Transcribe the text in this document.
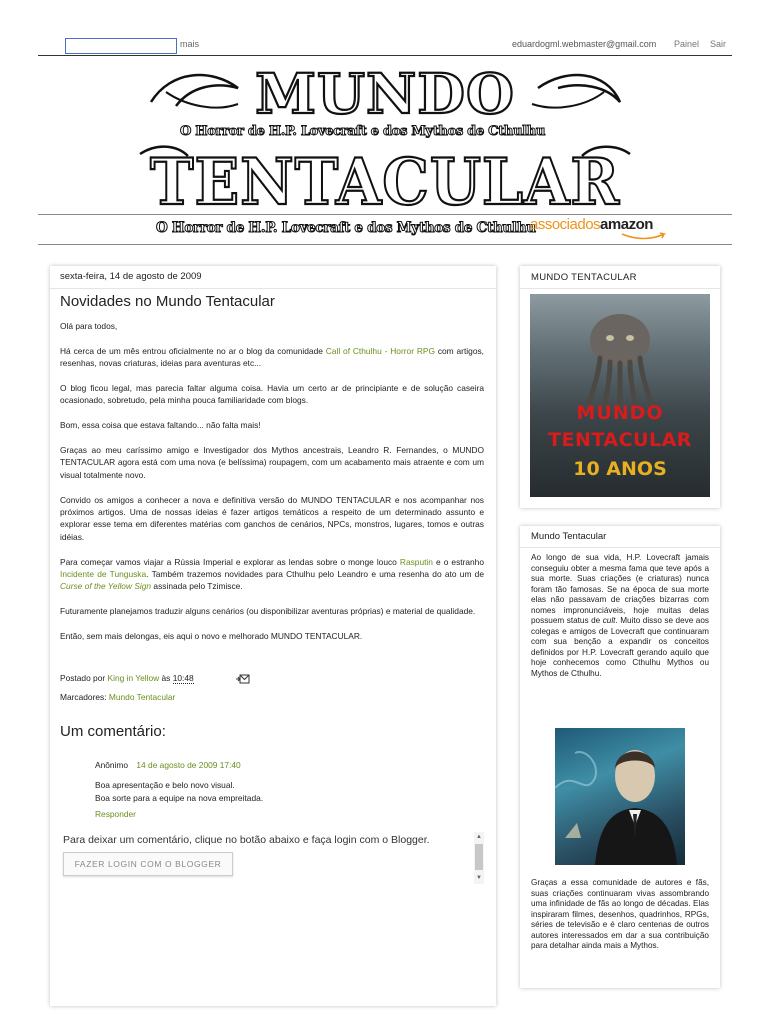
mais	eduardogml.webmaster@gmail.com Painel Sair
MUNDO
O Horror de H.P. Lovecraft e dos Mythos de Cthulhu
TENTACULAR
O Horror de H.P. Lovecraft e dos Mythos de Cthulhu
associadosamazon
sexta-feira, 14 de agosto de 2009
Novidades no Mundo Tentacular

Olá para todos,

Há cerca de um mês entrou oficialmente no ar o blog da comunidade Call of Cthulhu - Horror RPG com artigos, resenhas, novas criaturas, ideias para aventuras etc...

O blog ficou legal, mas parecia faltar alguma coisa. Havia um certo ar de principiante e de solução caseira ocasionado, sobretudo, pela minha pouca familiaridade com blogs.

Bom, essa coisa que estava faltando... não falta mais!

Graças ao meu caríssimo amigo e Investigador dos Mythos ancestrais, Leandro R. Fernandes, o MUNDO TENTACULAR agora está com uma nova (e belíssima) roupagem, com um acabamento mais atraente e com um visual totalmente novo.

Convido os amigos a conhecer a nova e definitiva versão do MUNDO TENTACULAR e nos acompanhar nos próximos artigos. Uma de nossas ideias é fazer artigos temáticos a respeito de um determinado assunto e explorar esse tema em diferentes matérias com ganchos de cenários, NPCs, monstros, lugares, tomos e outras idéias.

Para começar vamos viajar a Rússia Imperial e explorar as lendas sobre o monge louco Rasputin e o estranho Incidente de Tunguska. Também trazemos novidades para Cthulhu pelo Leandro e uma resenha do ato um de Curse of the Yellow Sign assinada pelo Tzimisce.

Futuramente planejamos traduzir alguns cenários (ou disponibilizar aventuras próprias) e material de qualidade.

Então, sem mais delongas, eis aqui o novo e melhorado MUNDO TENTACULAR.

Postado por King in Yellow às 10:48
Marcadores: Mundo Tentacular
Um comentário:
Anônimo 14 de agosto de 2009 17:40
Boa apresentação e belo novo visual.
Boa sorte para a equipe na nova empreitada.
Responder
Para deixar um comentário, clique no botão abaixo e faça login com o Blogger.
FAZER LOGIN COM O BLOGGER
▲
▼
MUNDO TENTACULAR
MUNDO
TENTACULAR
10 ANOS
Mundo Tentacular
Ao longo de sua vida, H.P. Lovecraft jamais conseguiu obter a mesma fama que teve após a sua morte. Suas criações (e criaturas) nunca foram tão famosas. Se na época de sua morte elas não passavam de criações bizarras com nomes impronunciáveis, hoje muitas delas possuem status de cult. Muito disso se deve aos colegas e amigos de Lovecraft que continuaram com sua benção a expandir os conceitos definidos por H.P. Lovecraft gerando aquilo que hoje conhecemos como Cthulhu Mythos ou Mythos de Cthulhu.
Graças a essa comunidade de autores e fãs, suas criações continuaram vivas assombrando uma infinidade de fãs ao longo de décadas. Elas inspiraram filmes, desenhos, quadrinhos, RPGs, séries de televisão e é claro centenas de outros autores interessados em dar a sua contribuição para detalhar ainda mais a Mythos.
